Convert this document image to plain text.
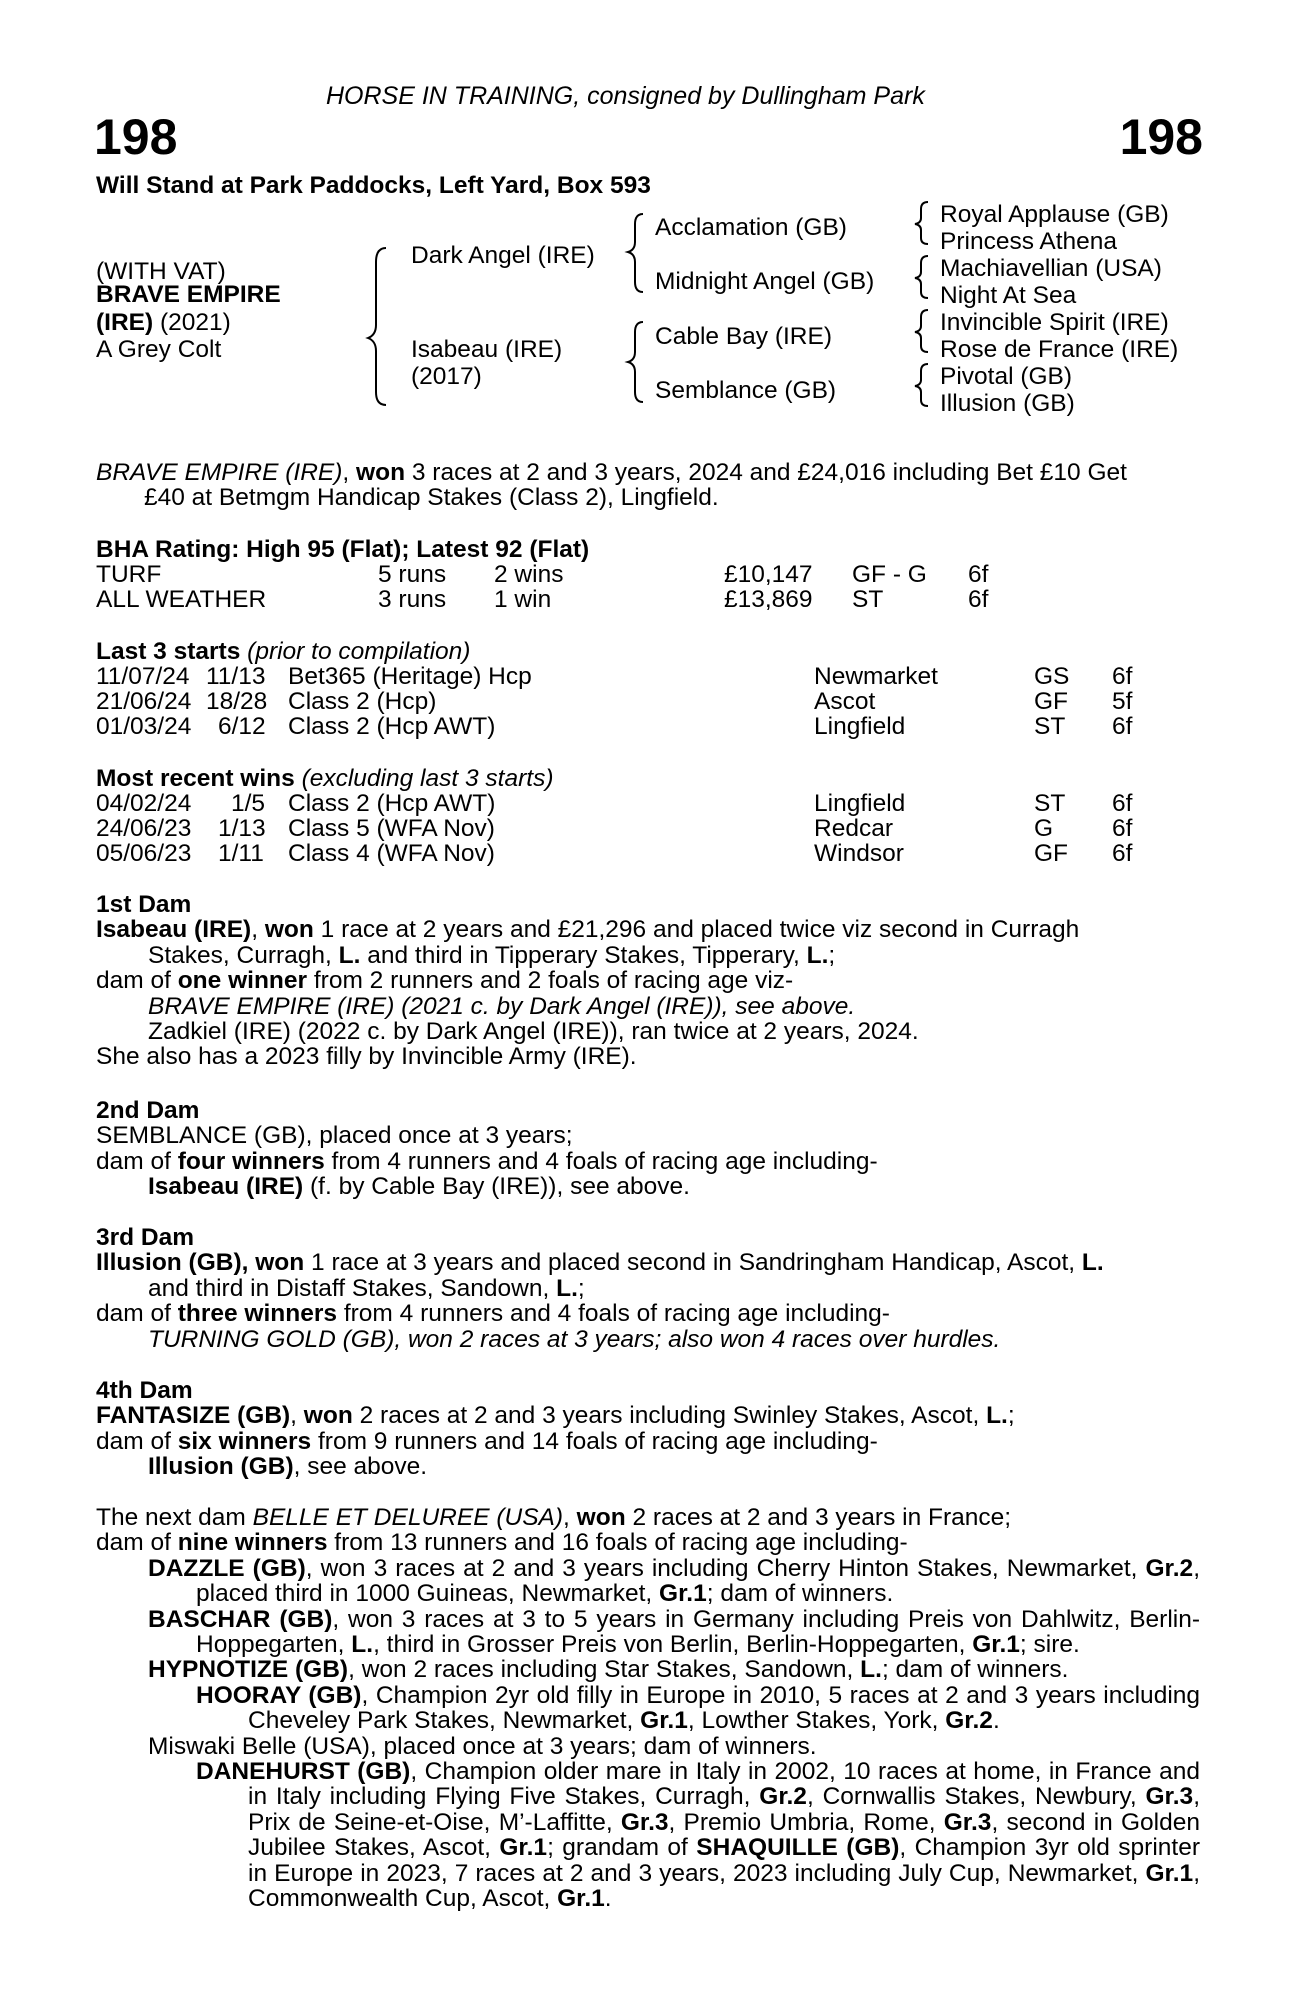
HORSE IN TRAINING, consigned by Dullingham Park
198	198
Will Stand at Park Paddocks, Left Yard, Box 593
(WITH VAT)
BRAVE EMPIRE
(IRE) (2021)
A Grey Colt
Dark Angel (IRE)
Isabeau (IRE)
(2017)
Acclamation (GB)
Midnight Angel (GB)
Cable Bay (IRE)
Semblance (GB)
Royal Applause (GB)
Princess Athena
Machiavellian (USA)
Night At Sea
Invincible Spirit (IRE)
Rose de France (IRE)
Pivotal (GB)
Illusion (GB)

BRAVE EMPIRE (IRE), won 3 races at 2 and 3 years, 2024 and £24,016 including Bet £10 Get

£40 at Betmgm Handicap Stakes (Class 2), Lingfield.

BHA Rating: High 95 (Flat); Latest 92 (Flat)
TURF	5 runs 2 wins	£10,147 GF - G 6f
ALL WEATHER	3 runs 1 win	£13,869 ST	6f
Last 3 starts (prior to compilation)
11/07/24 11/13 Bet365 (Heritage) Hcp	Newmarket	GS 6f
21/06/24 18/28 Class 2 (Hcp)	Ascot	GF 5f
01/03/24 6/12 Class 2 (Hcp AWT)	Lingfield	ST 6f
Most recent wins (excluding last 3 starts)
04/02/24 1/5 Class 2 (Hcp AWT)	Lingfield	ST 6f
24/06/23 1/13 Class 5 (WFA Nov)	Redcar	G 6f
05/06/23 1/11 Class 4 (WFA Nov)	Windsor	GF 6f

1st Dam

Isabeau (IRE), won 1 race at 2 years and £21,296 and placed twice viz second in Curragh
Stakes, Curragh, L. and third in Tipperary Stakes, Tipperary, L.;

dam of one winner from 2 runners and 2 foals of racing age viz-

BRAVE EMPIRE (IRE) (2021 c. by Dark Angel (IRE)), see above.

Zadkiel (IRE) (2022 c. by Dark Angel (IRE)), ran twice at 2 years, 2024.

She also has a 2023 filly by Invincible Army (IRE).

2nd Dam

SEMBLANCE (GB), placed once at 3 years;

dam of four winners from 4 runners and 4 foals of racing age including-

Isabeau (IRE) (f. by Cable Bay (IRE)), see above.

3rd Dam

Illusion (GB), won 1 race at 3 years and placed second in Sandringham Handicap, Ascot, L.
and third in Distaff Stakes, Sandown, L.;

dam of three winners from 4 runners and 4 foals of racing age including-

TURNING GOLD (GB), won 2 races at 3 years; also won 4 races over hurdles.

4th Dam

FANTASIZE (GB), won 2 races at 2 and 3 years including Swinley Stakes, Ascot, L.;

dam of six winners from 9 runners and 14 foals of racing age including-

Illusion (GB), see above.

The next dam BELLE ET DELUREE (USA), won 2 races at 2 and 3 years in France;

dam of nine winners from 13 runners and 16 foals of racing age including-

DAZZLE (GB), won 3 races at 2 and 3 years including Cherry Hinton Stakes, Newmarket, Gr.2, placed third in 1000 Guineas, Newmarket, Gr.1; dam of winners.

BASCHAR (GB), won 3 races at 3 to 5 years in Germany including Preis von Dahlwitz, Berlin-Hoppegarten, L., third in Grosser Preis von Berlin, Berlin-Hoppegarten, Gr.1; sire.

HYPNOTIZE (GB), won 2 races including Star Stakes, Sandown, L.; dam of winners.

HOORAY (GB), Champion 2yr old filly in Europe in 2010, 5 races at 2 and 3 years including Cheveley Park Stakes, Newmarket, Gr.1, Lowther Stakes, York, Gr.2.

Miswaki Belle (USA), placed once at 3 years; dam of winners.

DANEHURST (GB), Champion older mare in Italy in 2002, 10 races at home, in France and in Italy including Flying Five Stakes, Curragh, Gr.2, Cornwallis Stakes, Newbury, Gr.3, Prix de Seine-et-Oise, M’-Laffitte, Gr.3, Premio Umbria, Rome, Gr.3, second in Golden Jubilee Stakes, Ascot, Gr.1; grandam of SHAQUILLE (GB), Champion 3yr old sprinter in Europe in 2023, 7 races at 2 and 3 years, 2023 including July Cup, Newmarket, Gr.1, Commonwealth Cup, Ascot, Gr.1.
